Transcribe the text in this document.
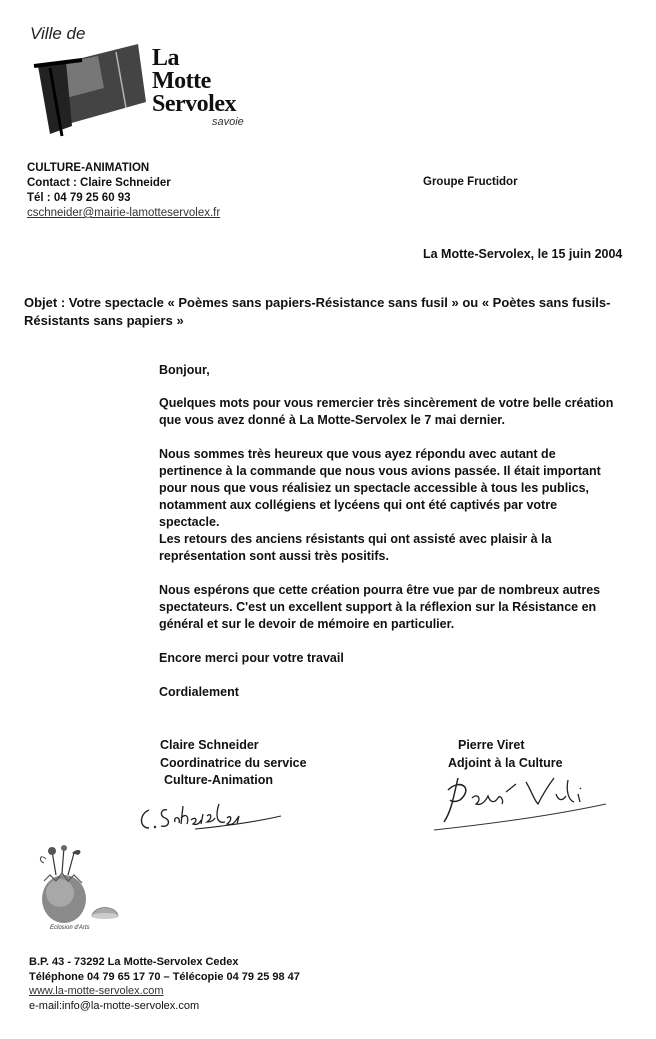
Ville de
La
Motte
Servolex
savoie
CULTURE-ANIMATION
Contact : Claire Schneider
Tél : 04 79 25 60 93
cschneider@mairie-lamotteservolex.fr
Groupe Fructidor
La Motte-Servolex, le 15 juin 2004
Objet : Votre spectacle « Poèmes sans papiers-Résistance sans fusil » ou « Poètes sans fusils-Résistants sans papiers »

Bonjour,

Quelques mots pour vous remercier très sincèrement de votre belle création que vous avez donné à La Motte-Servolex le 7 mai dernier.

Nous sommes très heureux que vous ayez répondu avec autant de pertinence à la commande que nous vous avions passée. Il était important pour nous que vous réalisiez un spectacle accessible à tous les publics, notamment aux collégiens et lycéens qui ont été captivés par votre spectacle.

Les retours des anciens résistants qui ont assisté avec plaisir à la représentation sont aussi très positifs.

Nous espérons que cette création pourra être vue par de nombreux autres spectateurs. C'est un excellent support à la réflexion sur la Résistance en général et sur le devoir de mémoire en particulier.

Encore merci pour votre travail

Cordialement

Claire Schneider
Coordinatrice du service
Culture-Animation
Pierre Viret
Adjoint à la Culture
Eclosion d'Arts
B.P. 43 - 73292 La Motte-Servolex Cedex
Téléphone 04 79 65 17 70 – Télécopie 04 79 25 98 47
www.la-motte-servolex.com
e-mail:info@la-motte-servolex.com
